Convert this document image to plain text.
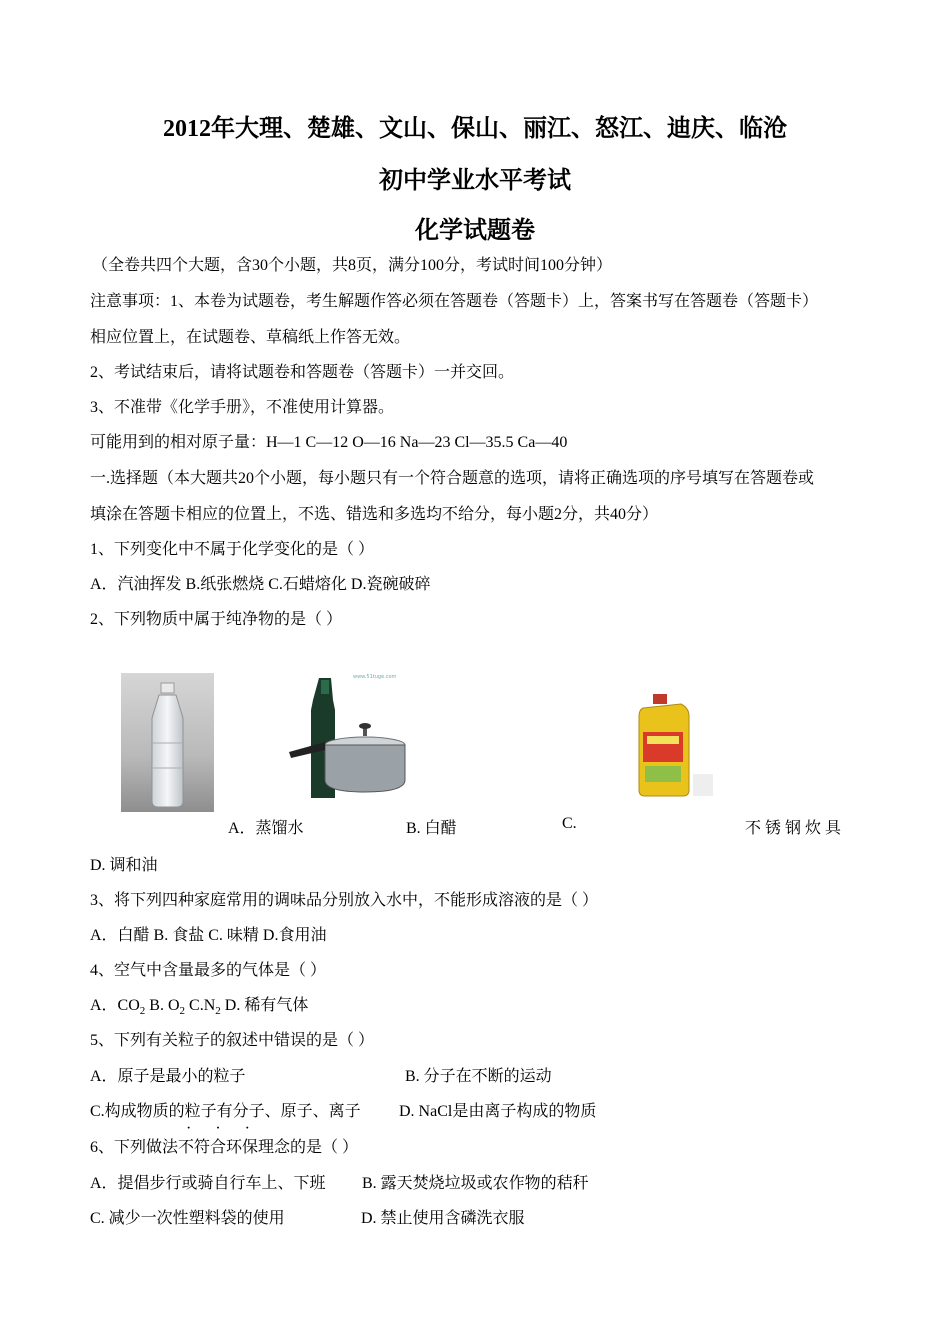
2012年大理、楚雄、文山、保山、丽江、怒江、迪庆、临沧
初中学业水平考试
化学试题卷
（全卷共四个大题，含30个小题，共8页，满分100分，考试时间100分钟）
注意事项：1、本卷为试题卷，考生解题作答必须在答题卷（答题卡）上，答案书写在答题卷（答题卡）
相应位置上，在试题卷、草稿纸上作答无效。
2、考试结束后，请将试题卷和答题卷（答题卡）一并交回。
3、不准带《化学手册》，不准使用计算器。
可能用到的相对原子量：H—1 C—12 O—16 Na—23 Cl—35.5 Ca—40
一.选择题（本大题共20个小题，每小题只有一个符合题意的选项，请将正确选项的序号填写在答题卷或
填涂在答题卡相应的位置上，不选、错选和多选均不给分，每小题2分，共40分）
1、下列变化中不属于化学变化的是（ ）
A．汽油挥发 B.纸张燃烧 C.石蜡熔化 D.瓷碗破碎
2、下列物质中属于纯净物的是（ ）
www.51tuge.com
A．蒸馏水	B. 白醋	C.	不 锈 钢 炊 具
D. 调和油
3、将下列四种家庭常用的调味品分别放入水中，不能形成溶液的是（ ）
A．白醋 B. 食盐 C. 味精 D.食用油
4、空气中含量最多的气体是（ ）
A．$CO_2$ B. $O_2$ $C.N_2$ D. 稀有气体
5、下列有关粒子的叙述中错误的是（ ）
A．原子是最小的粒子	B. 分子在不断的运动
C.构成物质的粒子有分子、原子、离子 D. NaCl是由离子构成的物质
· · ·
6、下列做法不符合环保理念的是（ ）
A．提倡步行或骑自行车上、下班 B. 露天焚烧垃圾或农作物的秸秆
C. 减少一次性塑料袋的使用	D. 禁止使用含磷洗衣服
